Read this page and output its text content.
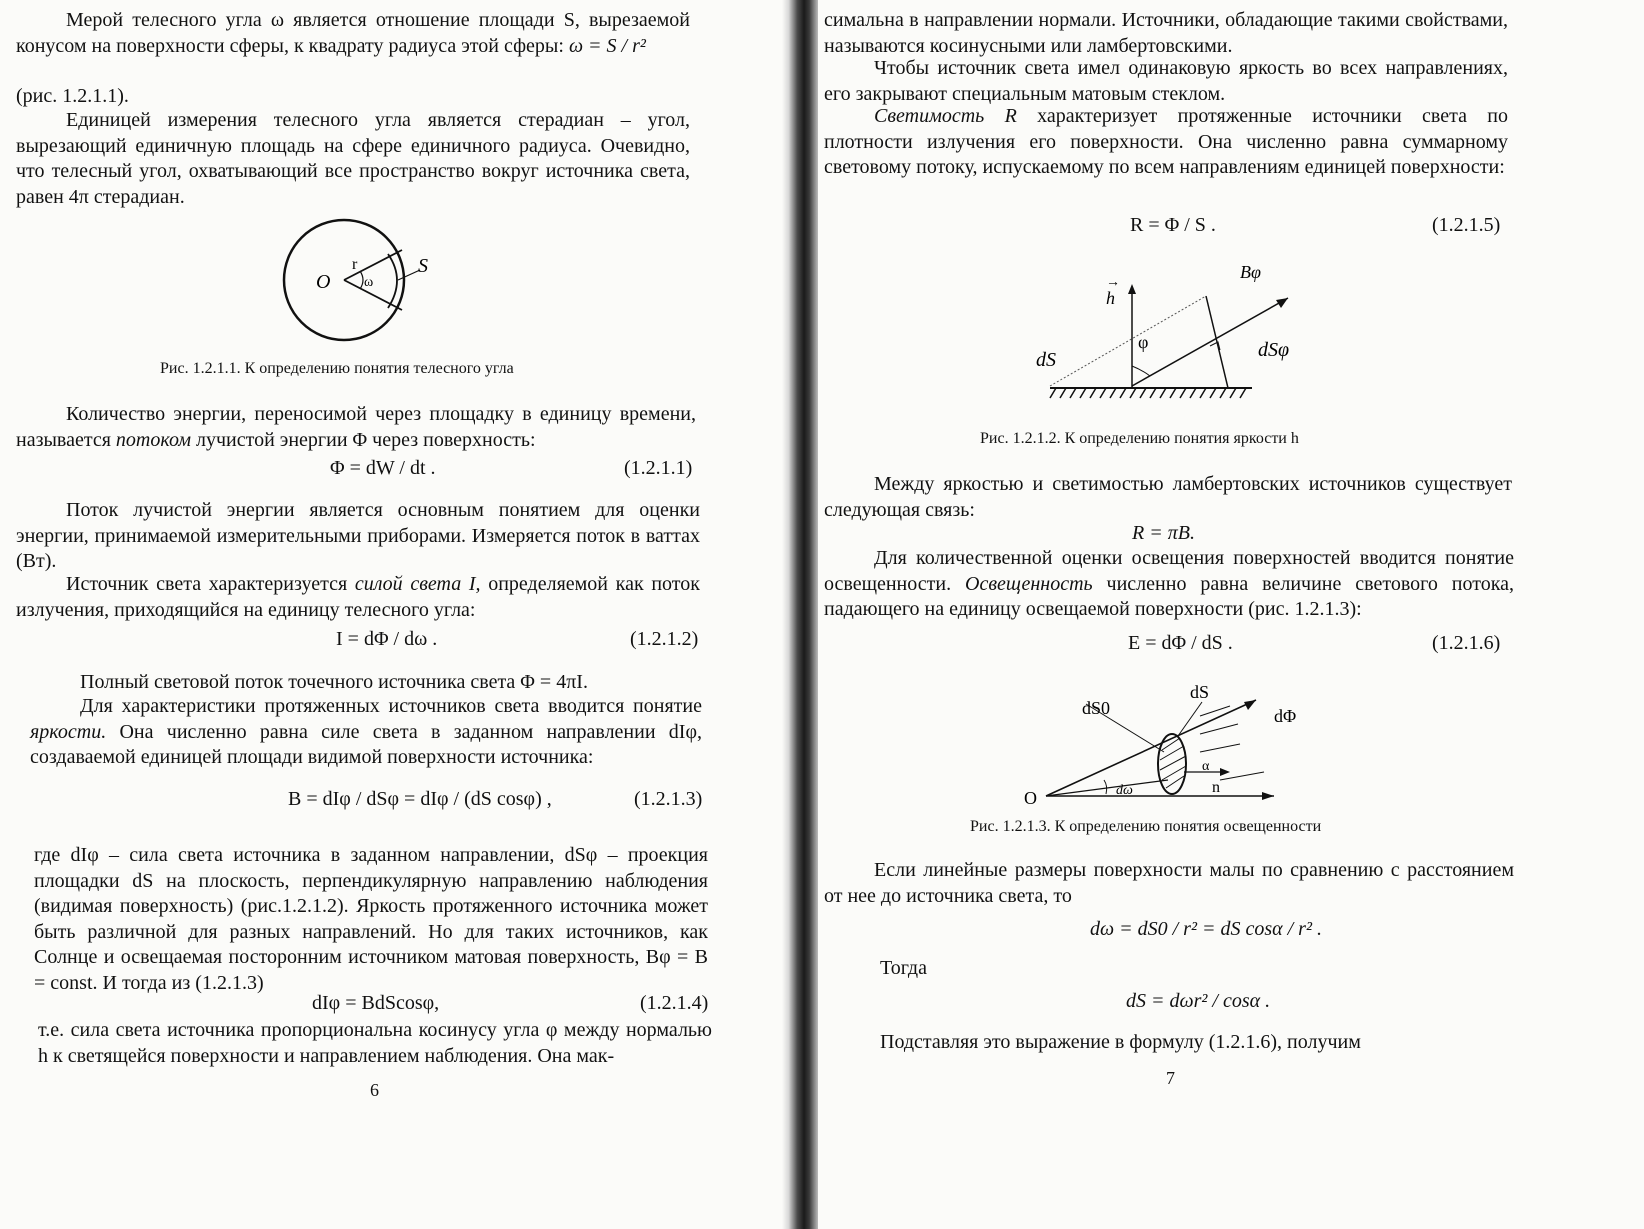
Мерой телесного угла ω является отношение площади S, вырезаемой конусом на поверхности сферы, к квадрату радиуса этой сферы: ω = S / r²

(рис. 1.2.1.1).

Единицей измерения телесного угла является стерадиан – угол, вырезающий единичную площадь на сфере единичного радиуса. Очевидно, что телесный угол, охватывающий все пространство вокруг источника света, равен 4π стерадиан.

O
r
ω
S
Рис. 1.2.1.1. К определению понятия телесного угла

Количество энергии, переносимой через площадку в единицу времени, называется потоком лучистой энергии Φ через поверхность:

Φ = dW / dt .	(1.2.1.1)

Поток лучистой энергии является основным понятием для оценки энергии, принимаемой измерительными приборами. Измеряется поток в ваттах (Вт).

Источник света характеризуется силой света I, определяемой как поток излучения, приходящийся на единицу телесного угла:

I = dΦ / dω .	(1.2.1.2)

Полный световой поток точечного источника света Φ = 4πI.

Для характеристики протяженных источников света вводится понятие яркости. Она численно равна силе света в заданном направлении dIφ, создаваемой единицей площади видимой поверхности источника:

B = dIφ / dSφ = dIφ / (dS cosφ) ,	(1.2.1.3)

где dIφ – сила света источника в заданном направлении, dSφ – проекция площадки dS на плоскость, перпендикулярную направлению наблюдения (видимая поверхность) (рис.1.2.1.2). Яркость протяженного источника может быть различной для разных направлений. Но для таких источников, как Солнце и освещаемая посторонним источником матовая поверхность, Bφ = B = const. И тогда из (1.2.1.3)

dIφ = BdScosφ,	(1.2.1.4)

т.е. сила света источника пропорциональна косинусу угла φ между нормалью h к светящейся поверхности и направлением наблюдения. Она мак-

6

симальна в направлении нормали. Источники, обладающие такими свойствами, называются косинусными или ламбертовскими.

Чтобы источник света имел одинаковую яркость во всех направлениях, его закрывают специальным матовым стеклом.

Светимость R характеризует протяженные источники света по плотности излучения его поверхности. Она численно равна суммарному световому потоку, испускаемому по всем направлениям единицей поверхности:

R = Φ / S .	(1.2.1.5)
h
→
Bφ
φ
dS	dSφ
Рис. 1.2.1.2. К определению понятия яркости h

Между яркостью и светимостью ламбертовских источников существует следующая связь:

R = πB.

Для количественной оценки освещения поверхностей вводится понятие освещенности. Освещенность численно равна величине светового потока, падающего на единицу освещаемой поверхности (рис. 1.2.1.3):

E = dΦ / dS .	(1.2.1.6)
dS0
dS
dΦ
O	dω
α
n
Рис. 1.2.1.3. К определению понятия освещенности

Если линейные размеры поверхности малы по сравнению с расстоянием от нее до источника света, то

dω = dS0 / r² = dS cosα / r² .

Тогда

dS = dωr² / cosα .

Подставляя это выражение в формулу (1.2.1.6), получим

7
